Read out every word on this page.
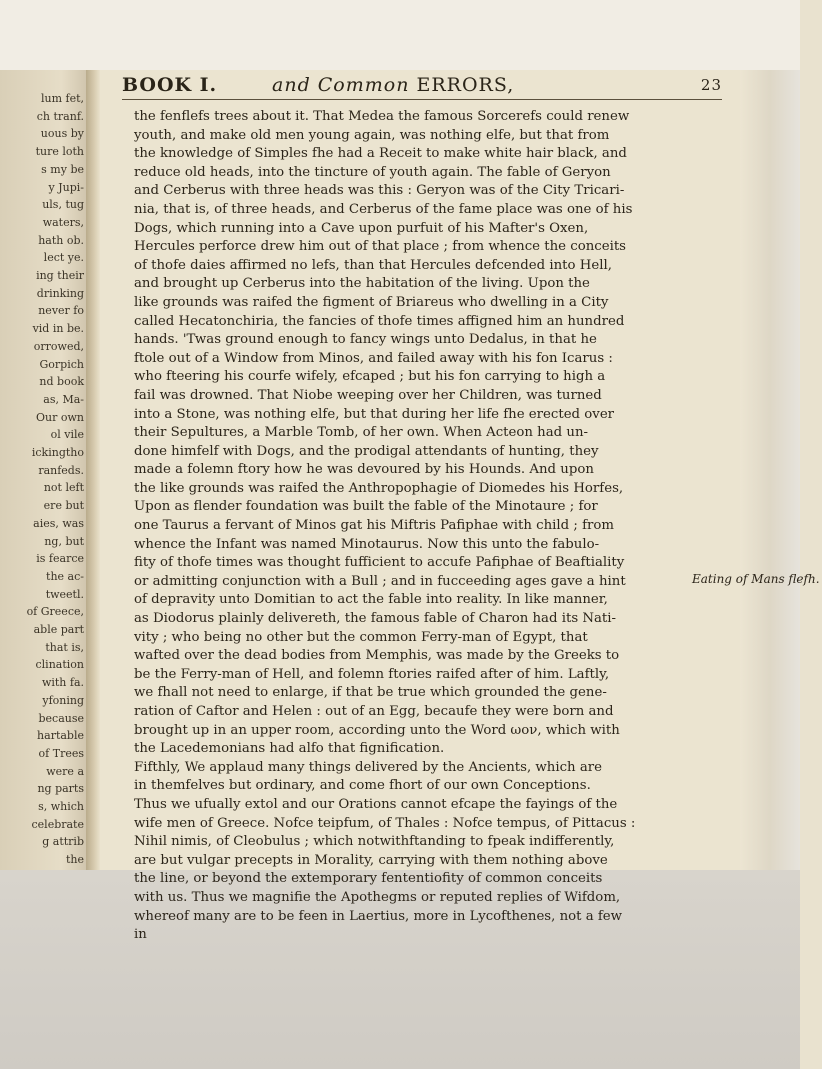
lum fet,
ch tranf.
uous by
ture loth
s my be
y Jupi-
uls, tug
waters,
hath ob.
lect ye.
ing their
drinking
never fo
vid in be.
orrowed,
Gorpich
nd book
as, Ma-
Our own
ol vile
ickingtho
ranfeds.
not left
ere but
aies, was
ng, but
is fearce
the ac-
tweetl.
of Greece,
able part
that is,
clination
with fa.
yfoning
because
hartable
of Trees
were a
ng parts
s, which
celebrate
g attrib
the
BOOK I.	and Common ERRORS,	23
the fenflefs trees about it. That Medea the famous Sorcerefs could renew
youth, and make old men young again, was nothing elfe, but that from
the knowledge of Simples fhe had a Receit to make white hair black, and
reduce old heads, into the tincture of youth again. The fable of Geryon
and Cerberus with three heads was this : Geryon was of the City Tricari-
nia, that is, of three heads, and Cerberus of the fame place was one of his
Dogs, which running into a Cave upon purfuit of his Mafter's Oxen,
Hercules perforce drew him out of that place ; from whence the conceits
of thofe daies affirmed no lefs, than that Hercules defcended into Hell,
and brought up Cerberus into the habitation of the living. Upon the
like grounds was raifed the figment of Briareus who dwelling in a City
called Hecatonchiria, the fancies of thofe times affigned him an hundred
hands. 'Twas ground enough to fancy wings unto Dedalus, in that he
ftole out of a Window from Minos, and failed away with his fon Icarus :
who fteering his courfe wifely, efcaped ; but his fon carrying to high a
fail was drowned. That Niobe weeping over her Children, was turned
into a Stone, was nothing elfe, but that during her life fhe erected over
their Sepultures, a Marble Tomb, of her own. When Acteon had un-
done himfelf with Dogs, and the prodigal attendants of hunting, they
made a folemn ftory how he was devoured by his Hounds. And upon
the like grounds was raifed the Anthropophagie of Diomedes his Horfes,
Upon as flender foundation was built the fable of the Minotaure ; for
one Taurus a fervant of Minos gat his Miftris Pafiphae with child ; from
whence the Infant was named Minotaurus. Now this unto the fabulo-
fity of thofe times was thought fufficient to accufe Pafiphae of Beaftiality
or admitting conjunction with a Bull ; and in fucceeding ages gave a hint
of depravity unto Domitian to act the fable into reality. In like manner,
as Diodorus plainly delivereth, the famous fable of Charon had its Nati-
vity ; who being no other but the common Ferry-man of Egypt, that
wafted over the dead bodies from Memphis, was made by the Greeks to
be the Ferry-man of Hell, and folemn ftories raifed after of him. Laftly,
we fhall not need to enlarge, if that be true which grounded the gene-
ration of Caftor and Helen : out of an Egg, becaufe they were born and
brought up in an upper room, according unto the Word ωον, which with
the Lacedemonians had alfo that fignification.
Fifthly, We applaud many things delivered by the Ancients, which are
in themfelves but ordinary, and come fhort of our own Conceptions.
Thus we ufually extol and our Orations cannot efcape the fayings of the
wife men of Greece. Nofce teipfum, of Thales : Nofce tempus, of Pittacus :
Nihil nimis, of Cleobulus ; which notwithftanding to fpeak indifferently,
are but vulgar precepts in Morality, carrying with them nothing above
the line, or beyond the extemporary fententiofity of common conceits
with us. Thus we magnifie the Apothegms or reputed replies of Wifdom,
whereof many are to be feen in Laertius, more in Lycofthenes, not a few
in
Eating of Mans flefh.
